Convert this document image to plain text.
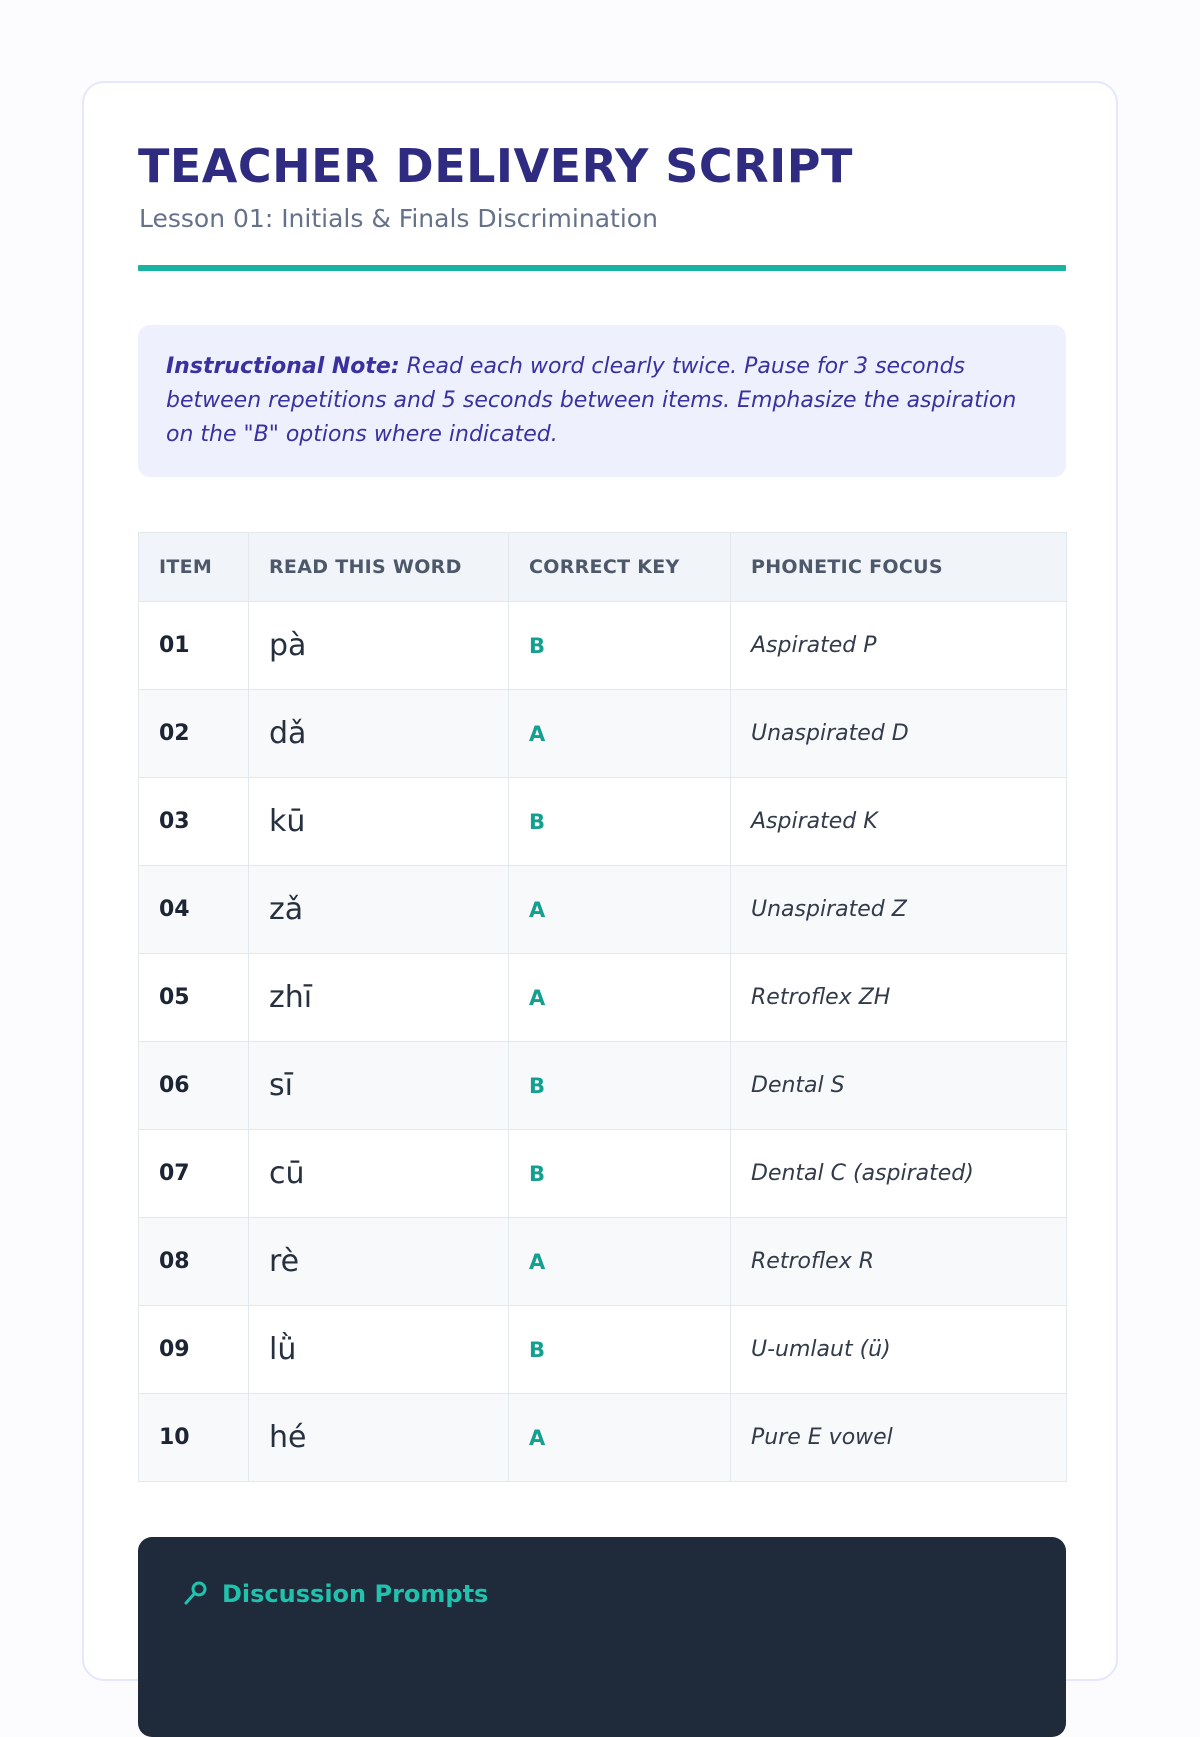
TEACHER DELIVERY SCRIPT
Lesson 01: Initials & Finals Discrimination
Instructional Note: Read each word clearly twice. Pause for 3 seconds between repetitions and 5 seconds between items. Emphasize the aspiration on the "B" options where indicated.
ITEM	READ THIS WORD	CORRECT KEY	PHONETIC FOCUS
01	pà	B	Aspirated P
02	dǎ	A	Unaspirated D
03	kū	B	Aspirated K
04	zǎ	A	Unaspirated Z
05	zhī	A	Retroflex ZH
06	sī	B	Dental S
07	cū	B	Dental C (aspirated)
08	rè	A	Retroflex R
09	lǜ	B	U-umlaut (ü)
10	hé	A	Pure E vowel
Discussion Prompts
